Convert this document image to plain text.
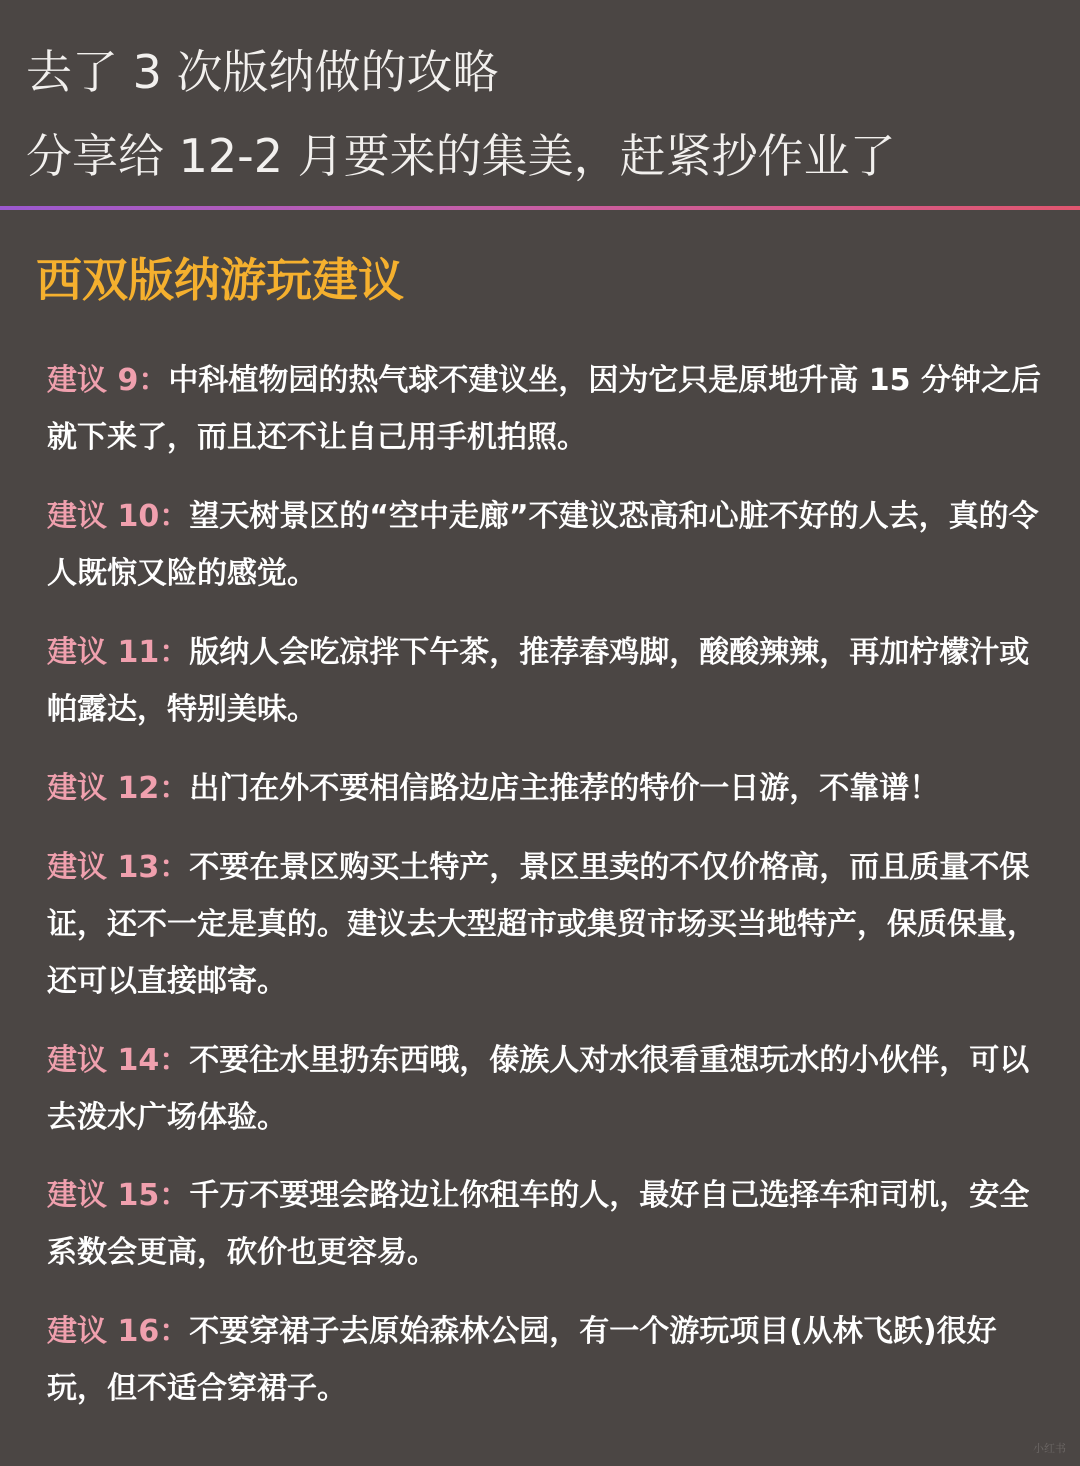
去了 3 次版纳做的攻略
分享给 12-2 月要来的集美，赶紧抄作业了
西双版纳游玩建议

建议 9：中科植物园的热气球不建议坐，因为它只是原地升高 15 分钟之后就下来了，而且还不让自己用手机拍照。

建议 10：望天树景区的“空中走廊”不建议恐高和心脏不好的人去，真的令人既惊又险的感觉。

建议 11：版纳人会吃凉拌下午茶，推荐舂鸡脚，酸酸辣辣，再加柠檬汁或帕露达，特别美味。

建议 12：出门在外不要相信路边店主推荐的特价一日游，不靠谱！

建议 13：不要在景区购买土特产，景区里卖的不仅价格高，而且质量不保证，还不一定是真的。建议去大型超市或集贸市场买当地特产，保质保量，还可以直接邮寄。

建议 14：不要往水里扔东西哦，傣族人对水很看重想玩水的小伙伴，可以去泼水广场体验。

建议 15：千万不要理会路边让你租车的人，最好自己选择车和司机，安全系数会更高，砍价也更容易。

建议 16：不要穿裙子去原始森林公园，有一个游玩项目(从林飞跃)很好玩，但不适合穿裙子。

小红书
